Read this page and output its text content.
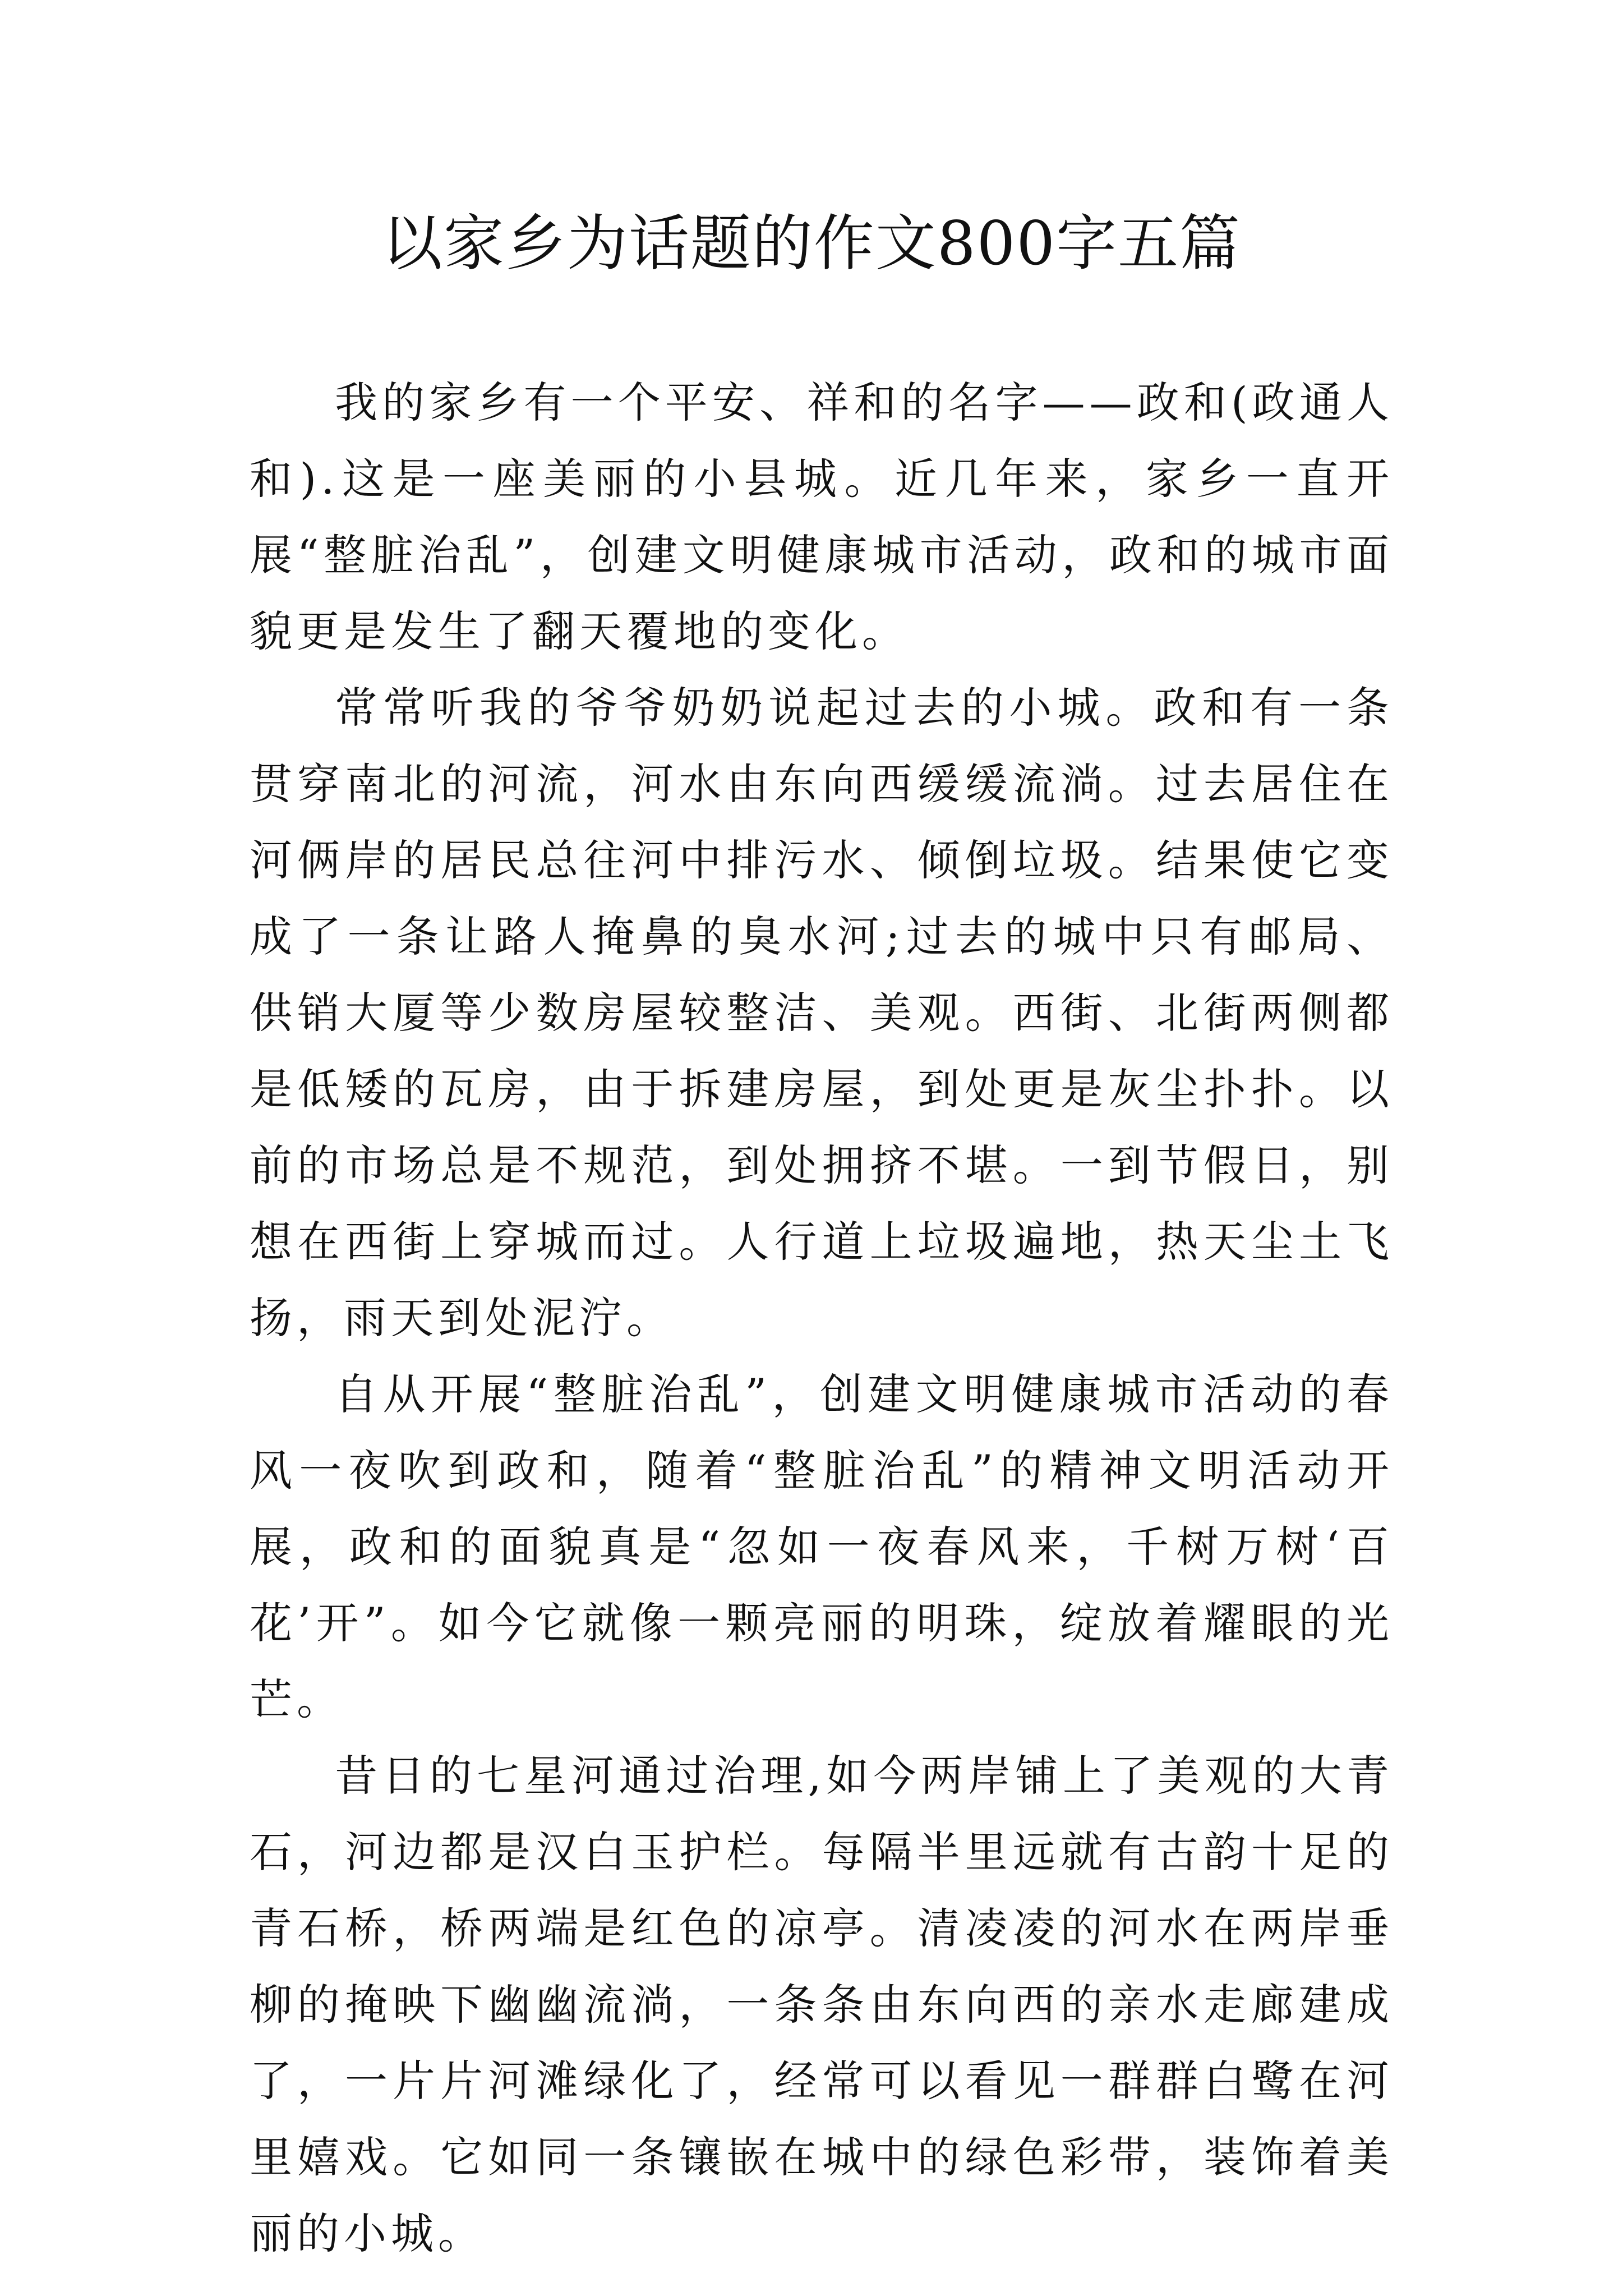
以家乡为话题的作文800字五篇

我的家乡有一个平安、祥和的名字——政和(政通人和).这是一座美丽的小县城。近几年来，家乡一直开展“整脏治乱”，创建文明健康城市活动，政和的城市面貌更是发生了翻天覆地的变化。

常常听我的爷爷奶奶说起过去的小城。政和有一条贯穿南北的河流，河水由东向西缓缓流淌。过去居住在河俩岸的居民总往河中排污水、倾倒垃圾。结果使它变成了一条让路人掩鼻的臭水河;过去的城中只有邮局、供销大厦等少数房屋较整洁、美观。西街、北街两侧都是低矮的瓦房，由于拆建房屋，到处更是灰尘扑扑。以前的市场总是不规范，到处拥挤不堪。一到节假日，别想在西街上穿城而过。人行道上垃圾遍地，热天尘土飞扬，雨天到处泥泞。

自从开展“整脏治乱”，创建文明健康城市活动的春风一夜吹到政和，随着“整脏治乱”的精神文明活动开展，政和的面貌真是“忽如一夜春风来，千树万树‘百花’开”。如今它就像一颗亮丽的明珠，绽放着耀眼的光芒。

昔日的七星河通过治理,如今两岸铺上了美观的大青石，河边都是汉白玉护栏。每隔半里远就有古韵十足的青石桥，桥两端是红色的凉亭。清凌凌的河水在两岸垂柳的掩映下幽幽流淌，一条条由东向西的亲水走廊建成了，一片片河滩绿化了，经常可以看见一群群白鹭在河里嬉戏。它如同一条镶嵌在城中的绿色彩带，装饰着美丽的小城。
